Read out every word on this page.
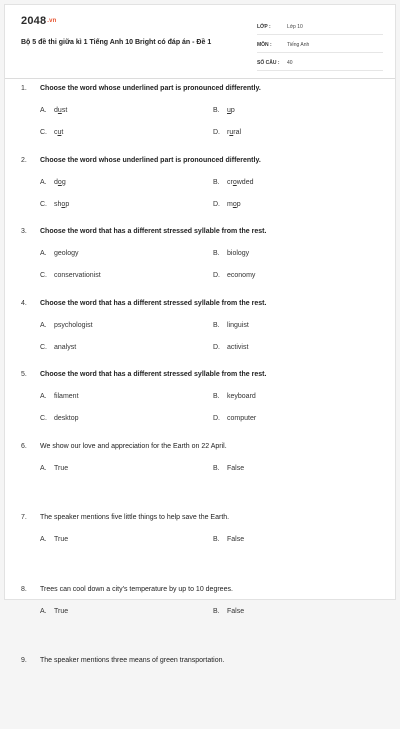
2048.vn
Bộ 5 đề thi giữa kì 1 Tiếng Anh 10 Bright có đáp án - Đề 1
LỚP :	Lớp 10
MÔN :	Tiếng Anh
SỐ CÂU :	40
1. Choose the word whose underlined part is pronounced differently.
A. dust	B. up
C. cut	D. rural
2. Choose the word whose underlined part is pronounced differently.
A. dog	B. crowded
C. shop	D. mop
3. Choose the word that has a different stressed syllable from the rest.
A. geology	B. biology
C. conservationist	D. economy
4. Choose the word that has a different stressed syllable from the rest.
A. psychologist	B. linguist
C. analyst	D. activist
5. Choose the word that has a different stressed syllable from the rest.
A. filament	B. keyboard
C. desktop	D. computer
6. We show our love and appreciation for the Earth on 22 April.
A. True	B. False
7. The speaker mentions five little things to help save the Earth.
A. True	B. False
8. Trees can cool down a city's temperature by up to 10 degrees.
A. True	B. False
9. The speaker mentions three means of green transportation.
